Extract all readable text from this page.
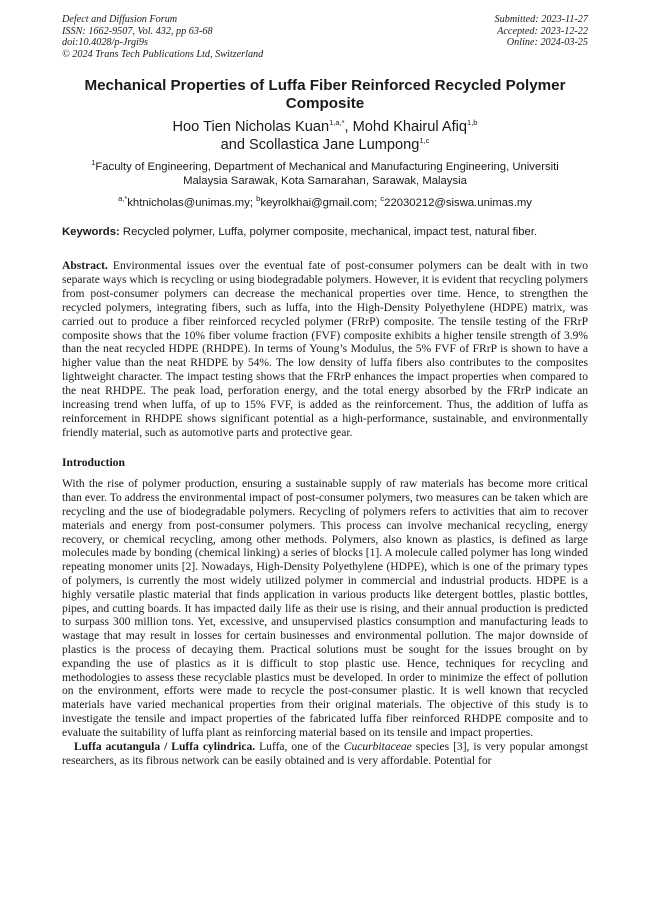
Defect and Diffusion Forum
ISSN: 1662-9507, Vol. 432, pp 63-68
doi:10.4028/p-Jrgi9s
© 2024 Trans Tech Publications Ltd, Switzerland
Submitted: 2023-11-27
Accepted: 2023-12-22
Online: 2024-03-25
Mechanical Properties of Luffa Fiber Reinforced Recycled Polymer
Composite
Hoo Tien Nicholas Kuan$^{1,a,*}$, Mohd Khairul Afiq$^{1,b}$
and Scollastica Jane Lumpong$^{1,c}$
$^1$Faculty of Engineering, Department of Mechanical and Manufacturing Engineering, Universiti
Malaysia Sarawak, Kota Samarahan, Sarawak, Malaysia
$^{a,*}$khtnicholas@unimas.my; $^b$keyrolkhai@gmail.com; $^c$22030212@siswa.unimas.my
Keywords: Recycled polymer, Luffa, polymer composite, mechanical, impact test, natural fiber.
Abstract. Environmental issues over the eventual fate of post-consumer polymers can be dealt with in two separate ways which is recycling or using biodegradable polymers. However, it is evident that recycling polymers from post-consumer polymers can decrease the mechanical properties over time. Hence, to strengthen the recycled polymers, integrating fibers, such as luffa, into the High-Density Polyethylene (HDPE) matrix, was carried out to produce a fiber reinforced recycled polymer (FRrP) composite. The tensile testing of the FRrP composite shows that the 10% fiber volume fraction (FVF) composite exhibits a higher tensile strength of 3.9% than the neat recycled HDPE (RHDPE). In terms of Young’s Modulus, the 5% FVF of FRrP is shown to have a higher value than the neat RHDPE by 54%. The low density of luffa fibers also contributes to the composites lightweight character. The impact testing shows that the FRrP enhances the impact properties when compared to the neat RHDPE. The peak load, perforation energy, and the total energy absorbed by the FRrP indicate an increasing trend when luffa, of up to 15% FVF, is added as the reinforcement. Thus, the addition of luffa as reinforcement in RHDPE shows significant potential as a high-performance, sustainable, and environmentally friendly material, such as automotive parts and protective gear.
Introduction
With the rise of polymer production, ensuring a sustainable supply of raw materials has become more critical than ever. To address the environmental impact of post-consumer polymers, two measures can be taken which are recycling and the use of biodegradable polymers. Recycling of polymers refers to activities that aim to recover materials and energy from post-consumer polymers. This process can involve mechanical recycling, energy recovery, or chemical recycling, among other methods. Polymers, also known as plastics, is defined as large molecules made by bonding (chemical linking) a series of blocks [1]. A molecule called polymer has long winded repeating monomer units [2]. Nowadays, High-Density Polyethylene (HDPE), which is one of the primary types of polymers, is currently the most widely utilized polymer in commercial and industrial products. HDPE is a highly versatile plastic material that finds application in various products like detergent bottles, plastic bottles, pipes, and cutting boards. It has impacted daily life as their use is rising, and their annual production is predicted to surpass 300 million tons. Yet, excessive, and unsupervised plastics consumption and manufacturing leads to wastage that may result in losses for certain businesses and environmental pollution. The major downside of plastics is the process of decaying them. Practical solutions must be sought for the issues brought on by expanding the use of plastics as it is difficult to stop plastic use. Hence, techniques for recycling and methodologies to assess these recyclable plastics must be developed. In order to minimize the effect of pollution on the environment, efforts were made to recycle the post-consumer plastic. It is well known that recycled materials have varied mechanical properties from their original materials. The objective of this study is to investigate the tensile and impact properties of the fabricated luffa fiber reinforced RHDPE composite and to evaluate the suitability of luffa plant as reinforcing material based on its tensile and impact properties.

Luffa acutangula / Luffa cylindrica. Luffa, one of the Cucurbitaceae species [3], is very popular amongst researchers, as its fibrous network can be easily obtained and is very affordable. Potential for
